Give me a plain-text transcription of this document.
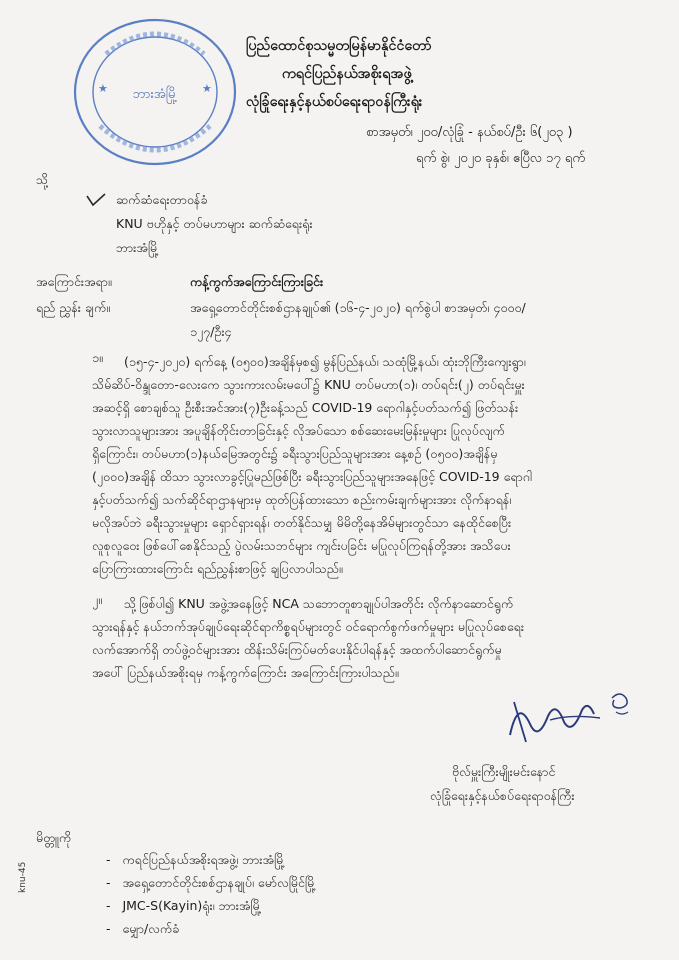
★	★
ဘားအံမြို့
ပြည်ထောင်စုသမ္မတမြန်မာနိုင်ငံတော်
ကရင်ပြည်နယ်အစိုးရအဖွဲ့
လုံခြုံရေးနှင့်နယ်စပ်ရေးရာဝန်ကြီးရုံး
စာအမှတ်၊ ၂၀၀/လုံခြုံ - နယ်စပ်/ဦး ၆(၂၀၃ )
ရက် စွဲ၊ ၂၀၂၀ ခုနှစ်၊ ဧပြီလ ၁၇ ရက်
သို့
ဆက်ဆံရေးတာဝန်ခံ
KNU ဗဟိုနှင့် တပ်မဟာများ ဆက်ဆံရေးရုံး
ဘားအံမြို့
အကြောင်းအရာ။	ကန့်ကွက်အကြောင်းကြားခြင်း
ရည် ညွှန်း ချက်။	အရှေ့တောင်တိုင်းစစ်ဌာနချုပ်၏ (၁၆-၄-၂၀၂၀) ရက်စွဲပါ စာအမှတ်၊ ၄၀၀၀/
၁၂၇/ဦး၄
၁။ (၁၅-၄-၂၀၂၀) ရက်နေ့ (၀၅၀၀)အချိန်မှစ၍ မွန်ပြည်နယ်၊ သထုံမြို့နယ်၊ ထုံးဘိုကြီးကျေးရွာ၊
သိမ်ဆိပ်-ဝိန္ဒုတော-လေးကေ သွားကားလမ်းမပေါ်၌ KNU တပ်မဟာ(၁)၊ တပ်ရင်း(၂) တပ်ရင်းမှူး
အဆင့်ရှိ စောချစ်သူ ဦးစီးအင်အား(၇)ဦးခန့်သည် COVID-19 ရောဂါနှင့်ပတ်သက်၍ ဖြတ်သန်း
သွားလာသူများအား အပူချိန်တိုင်းတာခြင်းနှင့် လိုအပ်သော စစ်ဆေးမေးမြန်းမှုများ ပြုလုပ်လျက်
ရှိကြောင်း၊ တပ်မဟာ(၁)နယ်မြေအတွင်း၌ ခရီးသွားပြည်သူများအား နေ့စဉ် (၀၅၀၀)အချိန်မှ
(၂၀၀၀)အချိန် ထိသာ သွားလာခွင့်ပြုမည်ဖြစ်ပြီး ခရီးသွားပြည်သူများအနေဖြင့် COVID-19 ရောဂါ
နှင့်ပတ်သက်၍ သက်ဆိုင်ရာဌာနများမှ ထုတ်ပြန်ထားသော စည်းကမ်းချက်များအား လိုက်နာရန်၊
မလိုအပ်ဘဲ ခရီးသွားမှုများ ရှောင်ရှားရန်၊ တတ်နိုင်သမျှ မိမိတို့နေအိမ်များတွင်သာ နေထိုင်စေပြီး
လူစုလူဝေး ဖြစ်ပေါ်စေနိုင်သည့် ပွဲလမ်းသဘင်များ ကျင်းပခြင်း မပြုလုပ်ကြရန်တို့အား အသိပေး
ပြောကြားထားကြောင်း ရည်ညွှန်းစာဖြင့် ချပြလာပါသည်။
၂။ သို့ဖြစ်ပါ၍ KNU အဖွဲ့အနေဖြင့် NCA သဘောတူစာချုပ်ပါအတိုင်း လိုက်နာဆောင်ရွက်
သွားရန်နှင့် နယ်ဘက်အုပ်ချုပ်ရေးဆိုင်ရာကိစ္စရပ်များတွင် ဝင်ရောက်စွက်ဖက်မှုများ မပြုလုပ်စေရေး
လက်အောက်ရှိ တပ်ဖွဲ့ဝင်များအား ထိန်းသိမ်းကြပ်မတ်ပေးနိုင်ပါရန်နှင့် အထက်ပါဆောင်ရွက်မှု
အပေါ် ပြည်နယ်အစိုးရမှ ကန့်ကွက်ကြောင်း အကြောင်းကြားပါသည်။
ဗိုလ်မှူးကြီးမျိုးမင်းနောင်
လုံခြုံရေးနှင့်နယ်စပ်ရေးရာဝန်ကြီး
မိတ္တူကို
-   ကရင်ပြည်နယ်အစိုးရအဖွဲ့၊ ဘားအံမြို့
-   အရှေ့တောင်တိုင်းစစ်ဌာနချုပ်၊ မော်လမြိုင်မြို့
-   JMC-S(Kayin)ရုံး၊ ဘားအံမြို့
-   မျှော/လက်ခံ
knu-45
